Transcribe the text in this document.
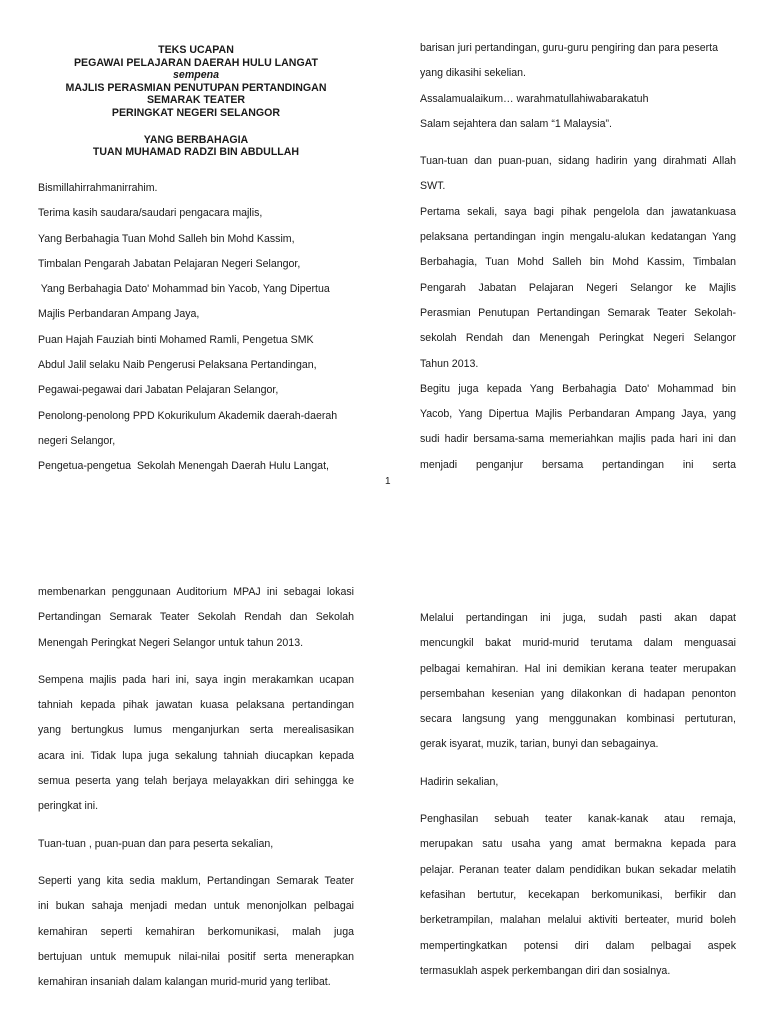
TEKS UCAPAN
PEGAWAI PELAJARAN DAERAH HULU LANGAT
sempena
MAJLIS PERASMIAN PENUTUPAN PERTANDINGAN
SEMARAK TEATER
PERINGKAT NEGERI SELANGOR
YANG BERBAHAGIA
TUAN MUHAMAD RADZI BIN ABDULLAH

Bismillahirrahmanirrahim.

Terima kasih saudara/saudari pengacara majlis,

Yang Berbahagia Tuan Mohd Salleh bin Mohd Kassim,

Timbalan Pengarah Jabatan Pelajaran Negeri Selangor,

Yang Berbahagia Dato' Mohammad bin Yacob, Yang Dipertua

Majlis Perbandaran Ampang Jaya,

Puan Hajah Fauziah binti Mohamed Ramli, Pengetua SMK

Abdul Jalil selaku Naib Pengerusi Pelaksana Pertandingan,

Pegawai-pegawai dari Jabatan Pelajaran Selangor,

Penolong-penolong PPD Kokurikulum Akademik daerah-daerah

negeri Selangor,

Pengetua-pengetua  Sekolah Menengah Daerah Hulu Langat,

barisan juri pertandingan, guru-guru pengiring dan para peserta

yang dikasihi sekelian.

Assalamualaikum… warahmatullahiwabarakatuh

Salam sejahtera dan salam “1 Malaysia”.

Tuan-tuan dan puan-puan, sidang hadirin yang dirahmati Allah

SWT.

Pertama sekali, saya bagi pihak pengelola dan jawatankuasa

pelaksana pertandingan ingin mengalu-alukan kedatangan Yang

Berbahagia, Tuan Mohd Salleh bin Mohd Kassim, Timbalan

Pengarah Jabatan Pelajaran Negeri Selangor ke Majlis

Perasmian Penutupan Pertandingan Semarak Teater Sekolah-

sekolah Rendah dan Menengah Peringkat Negeri Selangor

Tahun 2013.

Begitu juga kepada Yang Berbahagia Dato' Mohammad bin

Yacob, Yang Dipertua Majlis Perbandaran Ampang Jaya, yang

sudi hadir bersama-sama memeriahkan majlis pada hari ini dan

menjadi penganjur bersama pertandingan ini serta

1

membenarkan penggunaan Auditorium MPAJ ini sebagai lokasi

Pertandingan Semarak Teater Sekolah Rendah dan Sekolah

Menengah Peringkat Negeri Selangor untuk tahun 2013.

Sempena majlis pada hari ini, saya ingin merakamkan ucapan

tahniah kepada pihak jawatan kuasa pelaksana pertandingan

yang bertungkus lumus menganjurkan serta merealisasikan

acara ini. Tidak lupa juga sekalung tahniah diucapkan kepada

semua peserta yang telah berjaya melayakkan diri sehingga ke

peringkat ini.

Tuan-tuan , puan-puan dan para peserta sekalian,

Seperti yang kita sedia maklum, Pertandingan Semarak Teater

ini bukan sahaja menjadi medan untuk menonjolkan pelbagai

kemahiran seperti kemahiran berkomunikasi, malah juga

bertujuan untuk memupuk nilai-nilai positif serta menerapkan

kemahiran insaniah dalam kalangan murid-murid yang terlibat.

Melalui pertandingan ini juga, sudah pasti akan dapat

mencungkil bakat murid-murid terutama dalam menguasai

pelbagai kemahiran. Hal ini demikian kerana teater merupakan

persembahan kesenian yang dilakonkan di hadapan penonton

secara langsung yang menggunakan kombinasi pertuturan,

gerak isyarat, muzik, tarian, bunyi dan sebagainya.

Hadirin sekalian,

Penghasilan sebuah teater kanak-kanak atau remaja,

merupakan satu usaha yang amat bermakna kepada para

pelajar. Peranan teater dalam pendidikan bukan sekadar melatih

kefasihan bertutur, kecekapan berkomunikasi, berfikir dan

berketrampilan, malahan melalui aktiviti berteater, murid boleh

mempertingkatkan potensi diri dalam pelbagai aspek

termasuklah aspek perkembangan diri dan sosialnya.
